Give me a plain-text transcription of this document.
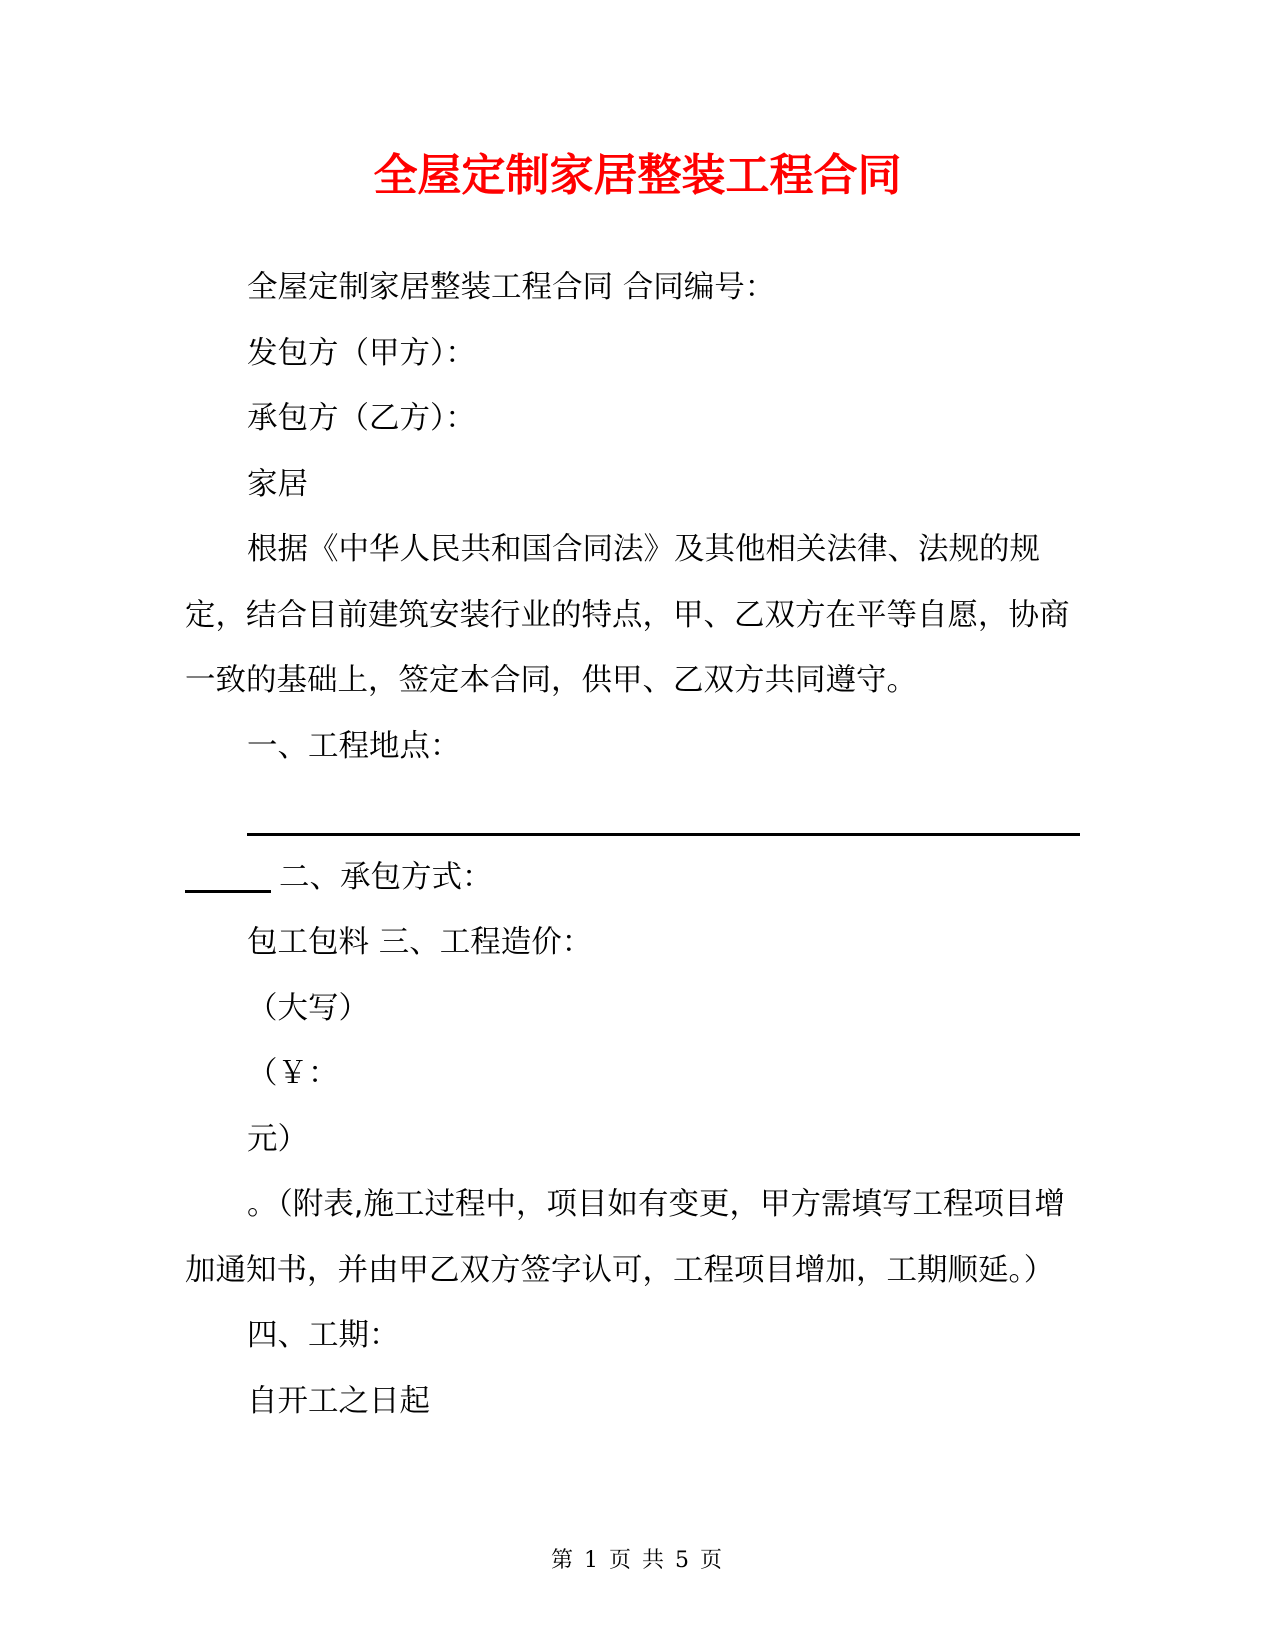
全屋定制家居整装工程合同

全屋定制家居整装工程合同 合同编号：

发包方（甲方）：

承包方（乙方）：

家居

根据《中华人民共和国合同法》及其他相关法律、法规的规定，结合目前建筑安装行业的特点，甲、乙双方在平等自愿，协商一致的基础上，签定本合同，供甲、乙双方共同遵守。

一、工程地点：

二、承包方式：

包工包料 三、工程造价：

（大写）

（￥：

元）

。（附表,施工过程中，项目如有变更，甲方需填写工程项目增加通知书，并由甲乙双方签字认可，工程项目增加，工期顺延。）

四、工期：

自开工之日起

第 1 页 共 5 页
